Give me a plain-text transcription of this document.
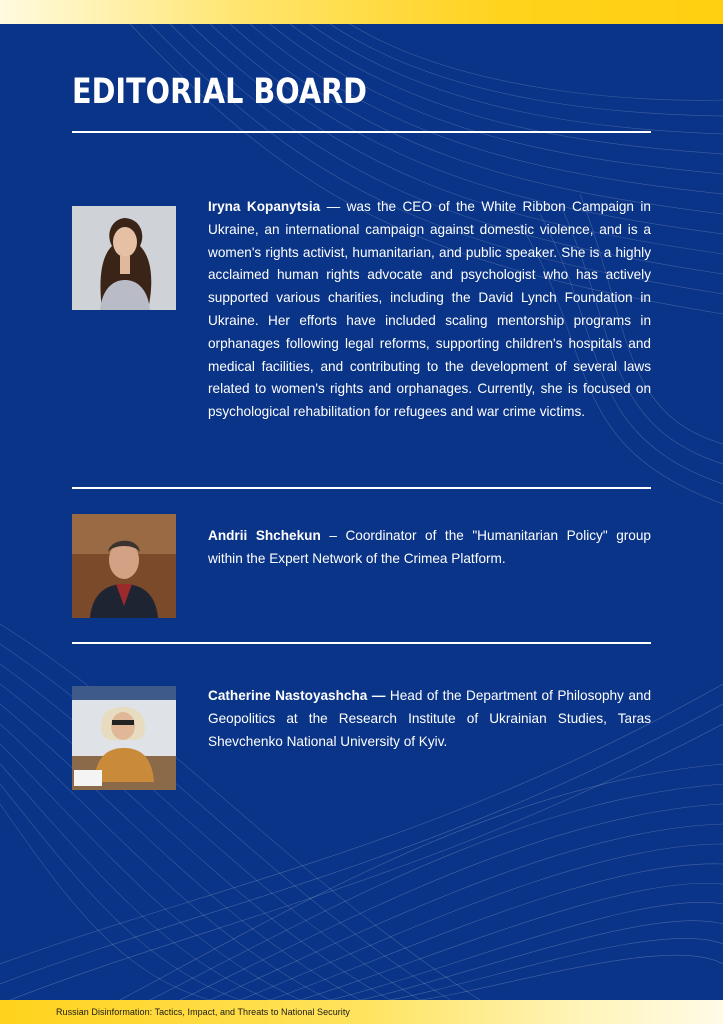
EDITORIAL BOARD

Iryna Kopanytsia — was the CEO of the White Ribbon Campaign in Ukraine, an international campaign against domestic violence, and is a women's rights activist, humanitarian, and public speaker. She is a highly acclaimed human rights advocate and psychologist who has actively supported various charities, including the David Lynch Foundation in Ukraine. Her efforts have included scaling mentorship programs in orphanages following legal reforms, supporting children's hospitals and medical facilities, and contributing to the development of several laws related to women's rights and orphanages. Currently, she is focused on psychological rehabilitation for refugees and war crime victims.

Andrii Shchekun – Coordinator of the "Humanitarian Policy" group within the Expert Network of the Crimea Platform.

Catherine Nastoyashcha — Head of the Department of Philosophy and Geopolitics at the Research Institute of Ukrainian Studies, Taras Shevchenko National University of Kyiv.

Russian Disinformation: Tactics, Impact, and Threats to National Security
